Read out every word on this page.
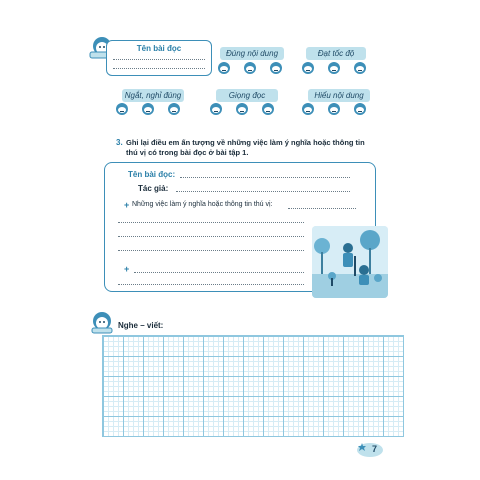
Tên bài đọc
Đúng nội dung	Đạt tốc độ
Ngắt, nghỉ đúng	Giọng đọc	Hiểu nội dung
3. Ghi lại điều em ấn tượng về những việc làm ý nghĩa hoặc thông tin
thú vị có trong bài đọc ở bài tập 1.
Tên bài đọc:
Tác giả:
+ Những việc làm ý nghĩa hoặc thông tin thú vị:
+
Nghe – viết:
7
